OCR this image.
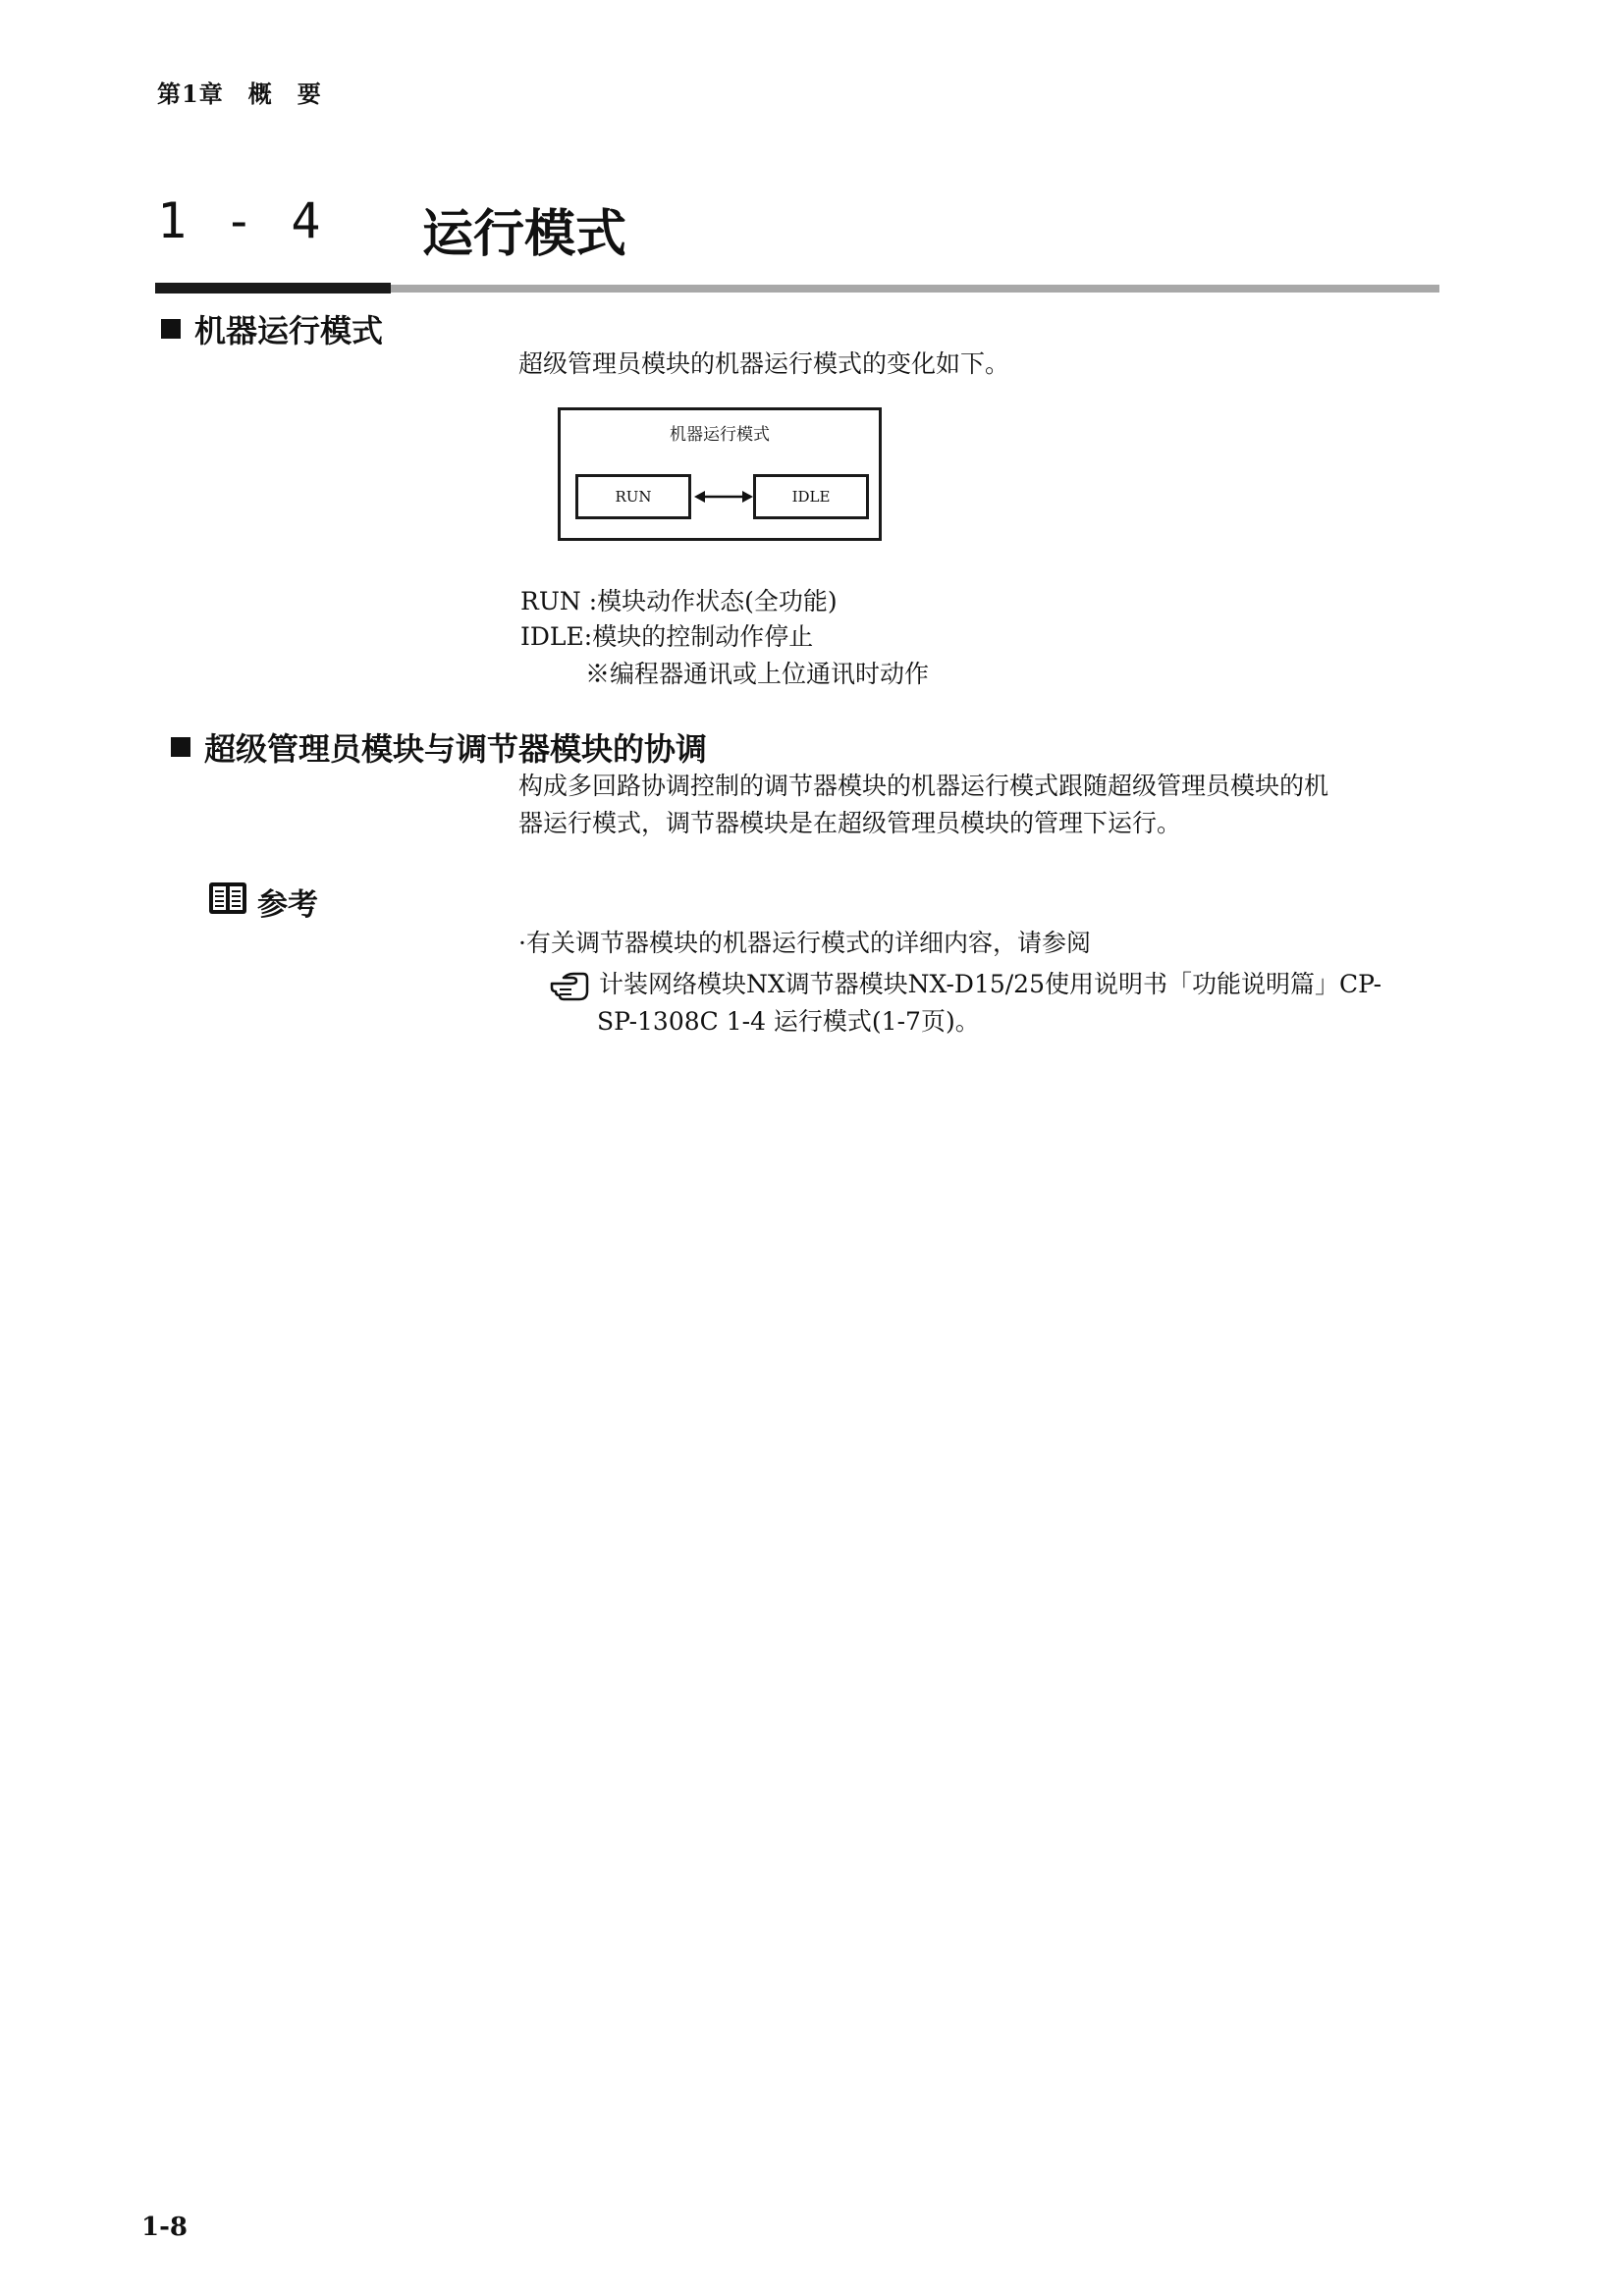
第1章　概　要
1 - 4 运行模式
机器运行模式
超级管理员模块的机器运行模式的变化如下。
机器运行模式
RUN	IDLE
RUN :模块动作状态(全功能)
IDLE:模块的控制动作停止
※编程器通讯或上位通讯时动作
超级管理员模块与调节器模块的协调
构成多回路协调控制的调节器模块的机器运行模式跟随超级管理员模块的机
器运行模式，调节器模块是在超级管理员模块的管理下运行。
参考
·有关调节器模块的机器运行模式的详细内容，请参阅
计装网络模块NX调节器模块NX-D15/25使用说明书「功能说明篇」CP-
SP-1308C 1-4 运行模式(1-7页)。
1-8
